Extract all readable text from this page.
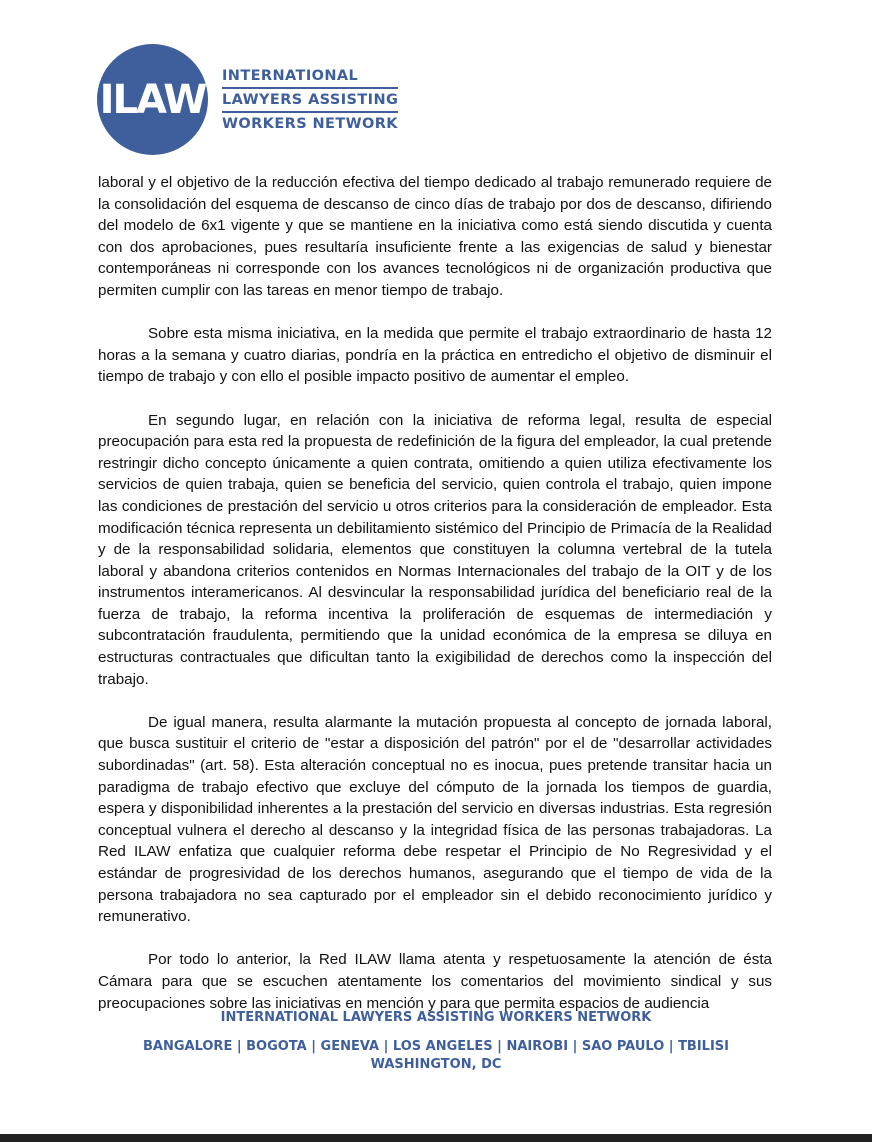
ILAW
INTERNATIONAL
LAWYERS ASSISTING
WORKERS NETWORK

laboral y el objetivo de la reducción efectiva del tiempo dedicado al trabajo remunerado requiere de la consolidación del esquema de descanso de cinco días de trabajo por dos de descanso, difiriendo del modelo de 6x1 vigente y que se mantiene en la iniciativa como está siendo discutida y cuenta con dos aprobaciones, pues resultaría insuficiente frente a las exigencias de salud y bienestar contemporáneas ni corresponde con los avances tecnológicos ni de organización productiva que permiten cumplir con las tareas en menor tiempo de trabajo.

Sobre esta misma iniciativa, en la medida que permite el trabajo extraordinario de hasta 12 horas a la semana y cuatro diarias, pondría en la práctica en entredicho el objetivo de disminuir el tiempo de trabajo y con ello el posible impacto positivo de aumentar el empleo.

En segundo lugar, en relación con la iniciativa de reforma legal, resulta de especial preocupación para esta red la propuesta de redefinición de la figura del empleador, la cual pretende restringir dicho concepto únicamente a quien contrata, omitiendo a quien utiliza efectivamente los servicios de quien trabaja, quien se beneficia del servicio, quien controla el trabajo, quien impone las condiciones de prestación del servicio u otros criterios para la consideración de empleador. Esta modificación técnica representa un debilitamiento sistémico del Principio de Primacía de la Realidad y de la responsabilidad solidaria, elementos que constituyen la columna vertebral de la tutela laboral y abandona criterios contenidos en Normas Internacionales del trabajo de la OIT y de los instrumentos interamericanos. Al desvincular la responsabilidad jurídica del beneficiario real de la fuerza de trabajo, la reforma incentiva la proliferación de esquemas de intermediación y subcontratación fraudulenta, permitiendo que la unidad económica de la empresa se diluya en estructuras contractuales que dificultan tanto la exigibilidad de derechos como la inspección del trabajo.

De igual manera, resulta alarmante la mutación propuesta al concepto de jornada laboral, que busca sustituir el criterio de "estar a disposición del patrón" por el de "desarrollar actividades subordinadas" (art. 58). Esta alteración conceptual no es inocua, pues pretende transitar hacia un paradigma de trabajo efectivo que excluye del cómputo de la jornada los tiempos de guardia, espera y disponibilidad inherentes a la prestación del servicio en diversas industrias. Esta regresión conceptual vulnera el derecho al descanso y la integridad física de las personas trabajadoras. La Red ILAW enfatiza que cualquier reforma debe respetar el Principio de No Regresividad y el estándar de progresividad de los derechos humanos, asegurando que el tiempo de vida de la persona trabajadora no sea capturado por el empleador sin el debido reconocimiento jurídico y remunerativo.

Por todo lo anterior, la Red ILAW llama atenta y respetuosamente la atención de ésta Cámara para que se escuchen atentamente los comentarios del movimiento sindical y sus preocupaciones sobre las iniciativas en mención y para que permita espacios de audiencia

INTERNATIONAL LAWYERS ASSISTING WORKERS NETWORK
BANGALORE | BOGOTA | GENEVA | LOS ANGELES | NAIROBI | SAO PAULO | TBILISI
WASHINGTON, DC
